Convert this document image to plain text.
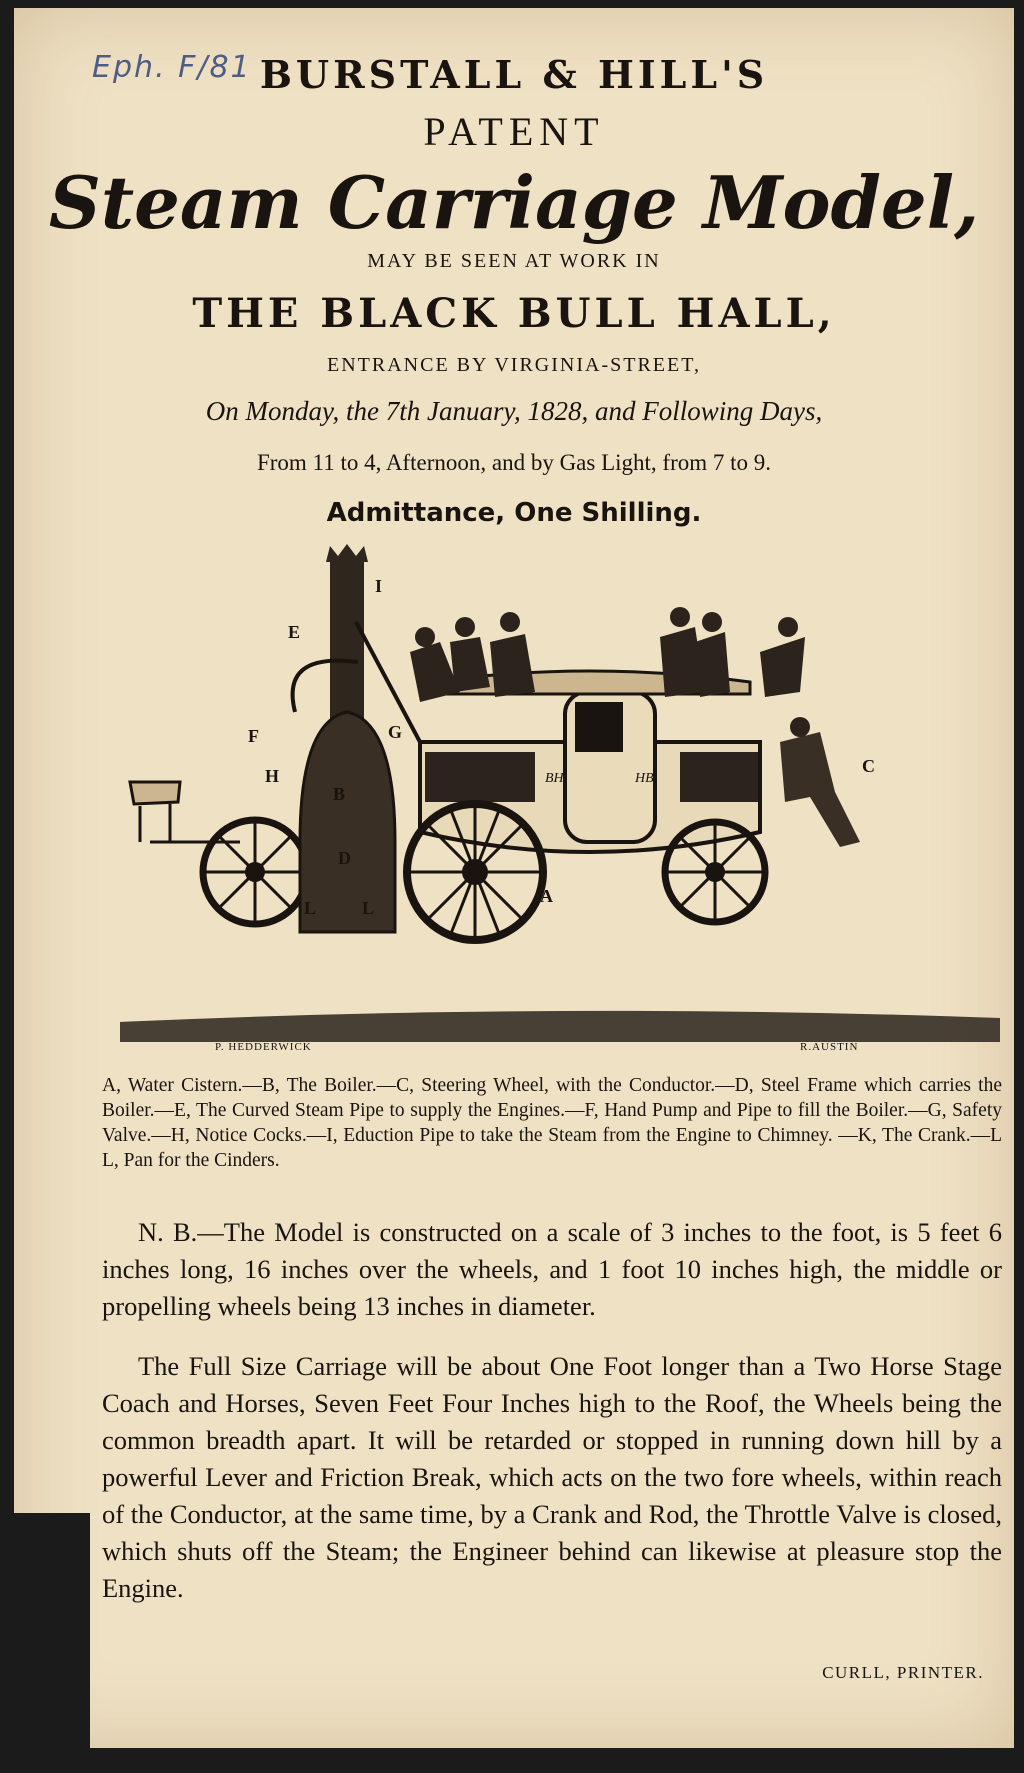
Eph. F/81 BURSTALL & HILL'S
PATENT
Steam Carriage Model,
MAY BE SEEN AT WORK IN
THE BLACK BULL HALL,
ENTRANCE BY VIRGINIA-STREET,
On Monday, the 7th January, 1828, and Following Days,
From 11 to 4, Afternoon, and by Gas Light, from 7 to 9.
Admittance, One Shilling.
BH	HB
I
E
F	G
H
B
D
L	L
A
C
P. HEDDERWICK	R.AUSTIN
A, Water Cistern.—B, The Boiler.—C, Steering Wheel, with the Conductor.—D, Steel Frame which carries the Boiler.—E, The Curved Steam Pipe to supply the Engines.—F, Hand Pump and Pipe to fill the Boiler.—G, Safety Valve.—H, Notice Cocks.—I, Eduction Pipe to take the Steam from the Engine to Chimney. —K, The Crank.—L L, Pan for the Cinders.
N. B.—The Model is constructed on a scale of 3 inches to the foot, is 5 feet 6 inches long, 16 inches over the wheels, and 1 foot 10 inches high, the middle or propelling wheels being 13 inches in diameter.
The Full Size Carriage will be about One Foot longer than a Two Horse Stage Coach and Horses, Seven Feet Four Inches high to the Roof, the Wheels being the common breadth apart. It will be retarded or stopped in running down hill by a powerful Lever and Friction Break, which acts on the two fore wheels, within reach of the Conductor, at the same time, by a Crank and Rod, the Throttle Valve is closed, which shuts off the Steam; the Engineer behind can likewise at pleasure stop the Engine.
CURLL, PRINTER.
